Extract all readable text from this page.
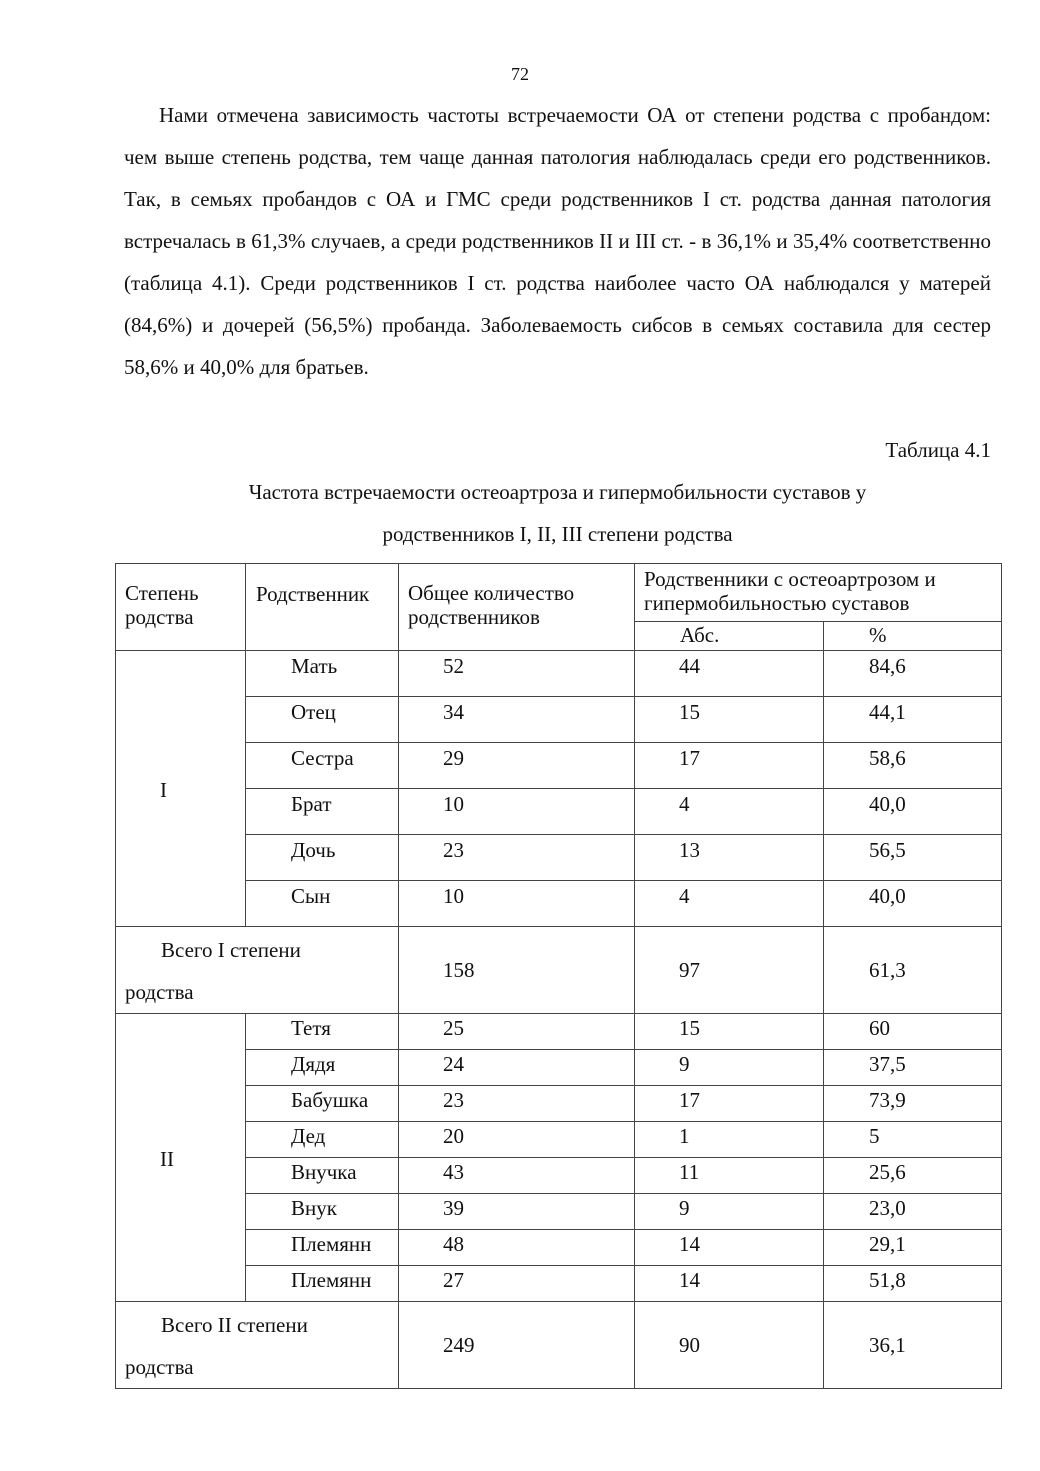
72

Нами отмечена зависимость частоты встречаемости ОА от степени родства с пробандом: чем выше степень родства, тем чаще данная патология наблюдалась среди его родственников. Так, в семьях пробандов с ОА и ГМС среди родственников I ст. родства данная патология встречалась в 61,3% случаев, а среди родственников II и III ст. - в 36,1% и 35,4% соответственно (таблица 4.1). Среди родственников I ст. родства наиболее часто ОА наблюдался у матерей (84,6%) и дочерей (56,5%) пробанда. Заболеваемость сибсов в семьях составила для сестер 58,6% и 40,0% для братьев.

Таблица 4.1
Частота встречаемости остеоартроза и гипермобильности суставов у
родственников I, II, III степени родства
Степень родства	Родственник	Общее количество родственников	Родственники с остеоартрозом и гипермобильностью суставов	
			Абс.	%
I	Мать	52	44	84,6
	Отец	34	15	44,1
	Сестра	29	17	58,6
	Брат	10	4	40,0
	Дочь	23	13	56,5
	Сын	10	4	40,0

Всего I степени
родства		158	97	61,3
II	Тетя	25	15	60
	Дядя	24	9	37,5
	Бабушка	23	17	73,9
	Дед	20	1	5
	Внучка	43	11	25,6
	Внук	39	9	23,0
	Племянн	48	14	29,1
	Племянн	27	14	51,8

Всего II степени
родства		249	90	36,1
